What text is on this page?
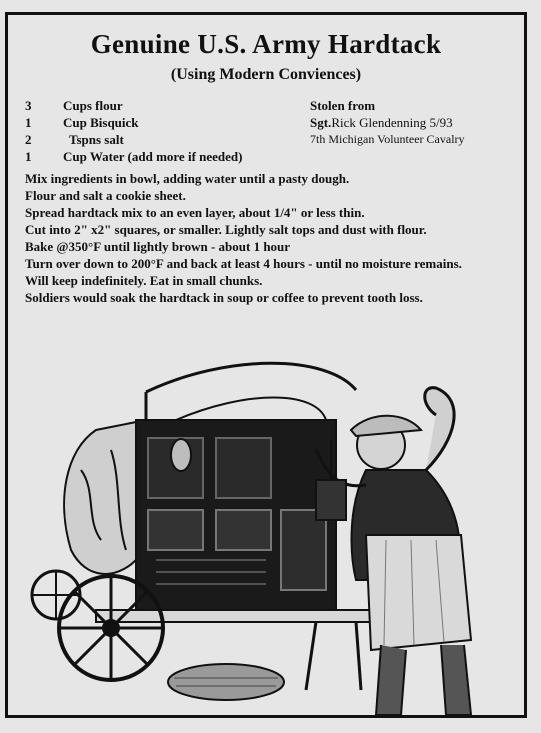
Genuine U.S. Army Hardtack
(Using Modern Conviences)
3	Cups flour
1	Cup Bisquick
2	Tspns salt
1	Cup Water (add more if needed)
Stolen from
Sgt.Rick Glendenning 5/93
7th Michigan Volunteer Cavalry

Mix ingredients in bowl, adding water until a pasty dough.

Flour and salt a cookie sheet.

Spread hardtack mix to an even layer, about 1/4" or less thin.

Cut into 2" x2" squares, or smaller. Lightly salt tops and dust with flour.

Bake @350°F until lightly brown - about 1 hour

Turn over down to 200°F and back at least 4 hours - until no moisture remains.

Will keep indefinitely. Eat in small chunks.

Soldiers would soak the hardtack in soup or coffee to prevent tooth loss.
